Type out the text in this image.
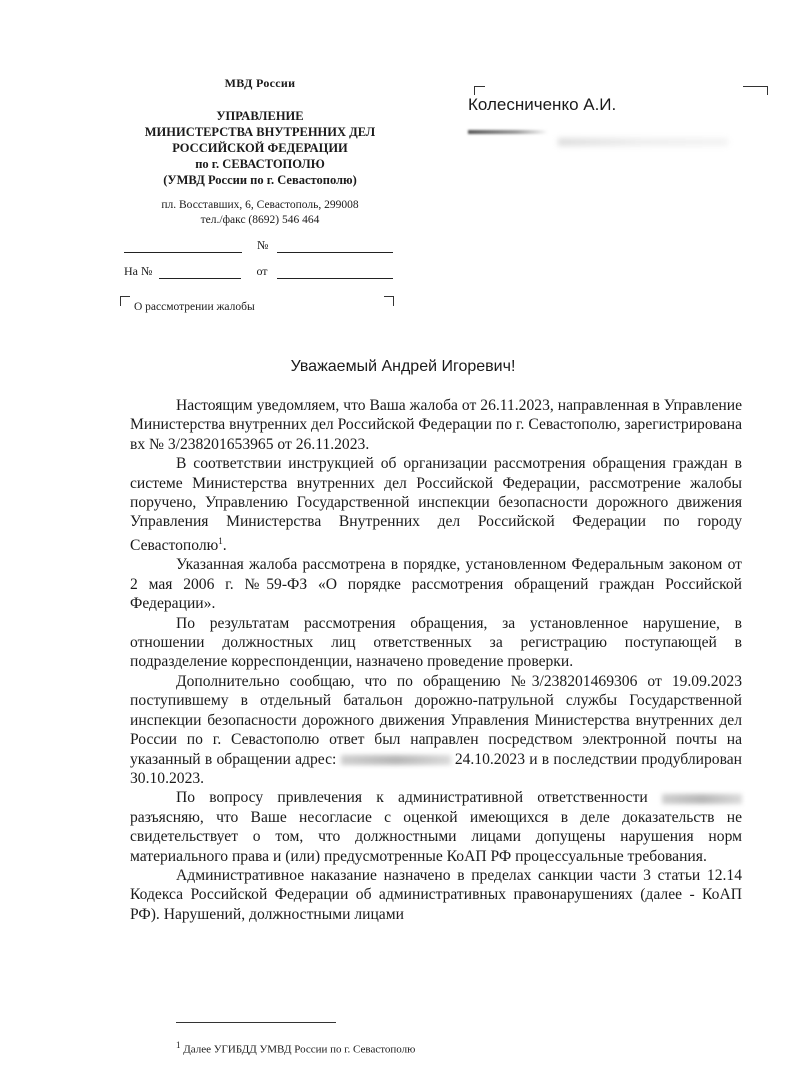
МВД России
УПРАВЛЕНИЕ
МИНИСТЕРСТВА ВНУТРЕННИХ ДЕЛ
РОССИЙСКОЙ ФЕДЕРАЦИИ
по г. СЕВАСТОПОЛЮ
(УМВД России по г. Севастополю)
пл. Восставших, 6, Севастополь, 299008
тел./факс (8692) 546 464
№
На №	от
О рассмотрении жалобы
Колесниченко А.И.
Уважаемый Андрей Игоревич!

Настоящим уведомляем, что Ваша жалоба от 26.11.2023, направленная в Управление Министерства внутренних дел Российской Федерации по г. Севастополю, зарегистрирована вх № 3/238201653965 от 26.11.2023.

В соответствии инструкцией об организации рассмотрения обращения граждан в системе Министерства внутренних дел Российской Федерации, рассмотрение жалобы поручено, Управлению Государственной инспекции безопасности дорожного движения Управления Министерства Внутренних дел Российской Федерации по городу Севастополю$^1$.

Указанная жалоба рассмотрена в порядке, установленном Федеральным законом от 2 мая 2006 г. №59-ФЗ «О порядке рассмотрения обращений граждан Российской Федерации».

По результатам рассмотрения обращения, за установленное нарушение, в отношении должностных лиц ответственных за регистрацию поступающей в подразделение корреспонденции, назначено проведение проверки.

Дополнительно сообщаю, что по обращению №3/238201469306 от 19.09.2023 поступившему в отдельный батальон дорожно-патрульной службы Государственной инспекции безопасности дорожного движения Управления Министерства внутренних дел России по г. Севастополю ответ был направлен посредством электронной почты на указанный в обращении адрес:	24.10.2023 и в последствии продублирован 30.10.2023.

По вопросу привлечения к административной ответственности  разъясняю, что Ваше несогласие с оценкой имеющихся в деле доказательств не свидетельствует о том, что должностными лицами допущены нарушения норм материального права и (или) предусмотренные КоАП РФ процессуальные требования.

Административное наказание назначено в пределах санкции части 3 статьи 12.14 Кодекса Российской Федерации об административных правонарушениях (далее - КоАП РФ). Нарушений, должностными лицами

$^1$ Далее УГИБДД УМВД России по г. Севастополю
